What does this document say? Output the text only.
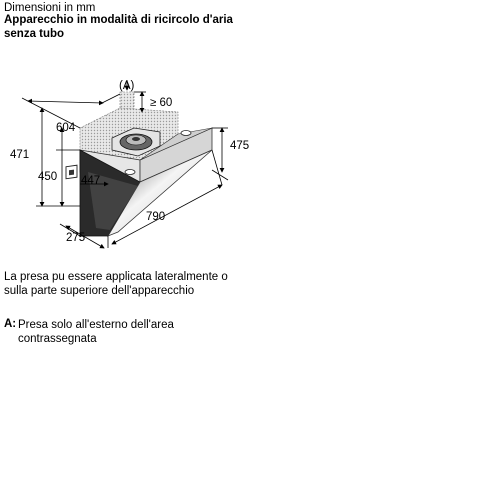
Dimensioni in mm
Apparecchio in modalità di ricircolo d'aria
senza tubo
(A)
≥ 60
604
471
450 447
475
790
275
La presa pu essere applicata lateralmente o
sulla parte superiore dell'apparecchio
A: Presa solo all'esterno dell'area
contrassegnata
